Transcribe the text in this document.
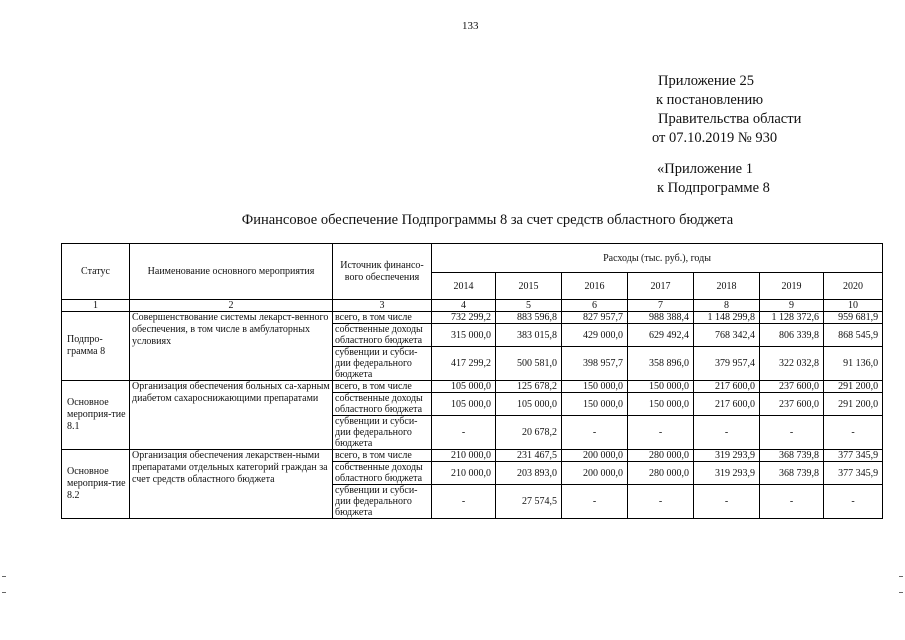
133
Приложение 25
к постановлению
Правительства области
от 07.10.2019 № 930
«Приложение 1
к Подпрограмме 8
Финансовое обеспечение Подпрограммы 8 за счет средств областного бюджета
Статус	Наименование основного мероприятия	Источник финансо-вого обеспечения	Расходы (тыс. руб.), годы						
			2014	2015	2016	2017	2018	2019	2020
1	2	3	4	5	6	7	8	9	10
Подпро-грамма 8	Совершенствование системы лекарст-венного обеспечения, в том числе в амбулаторных условиях	всего, в том числе	732 299,2	883 596,8	827 957,7	988 388,4	1 148 299,8	1 128 372,6	959 681,9
		собственные доходы областного бюджета	315 000,0	383 015,8	429 000,0	629 492,4	768 342,4	806 339,8	868 545,9
		субвенции и субси-дии федерального бюджета	417 299,2	500 581,0	398 957,7	358 896,0	379 957,4	322 032,8	91 136,0
Основное мероприя-тие 8.1	Организация обеспечения больных са-харным диабетом сахароснижающими препаратами	всего, в том числе	105 000,0	125 678,2	150 000,0	150 000,0	217 600,0	237 600,0	291 200,0
		собственные доходы областного бюджета	105 000,0	105 000,0	150 000,0	150 000,0	217 600,0	237 600,0	291 200,0
		субвенции и субси-дии федерального бюджета	-	20 678,2	-	-	-	-	-
Основное мероприя-тие 8.2	Организация обеспечения лекарствен-ными препаратами отдельных категорий граждан за счет средств областного бюджета	всего, в том числе	210 000,0	231 467,5	200 000,0	280 000,0	319 293,9	368 739,8	377 345,9
		собственные доходы областного бюджета	210 000,0	203 893,0	200 000,0	280 000,0	319 293,9	368 739,8	377 345,9
		субвенции и субси-дии федерального бюджета	-	27 574,5	-	-	-	-	-
